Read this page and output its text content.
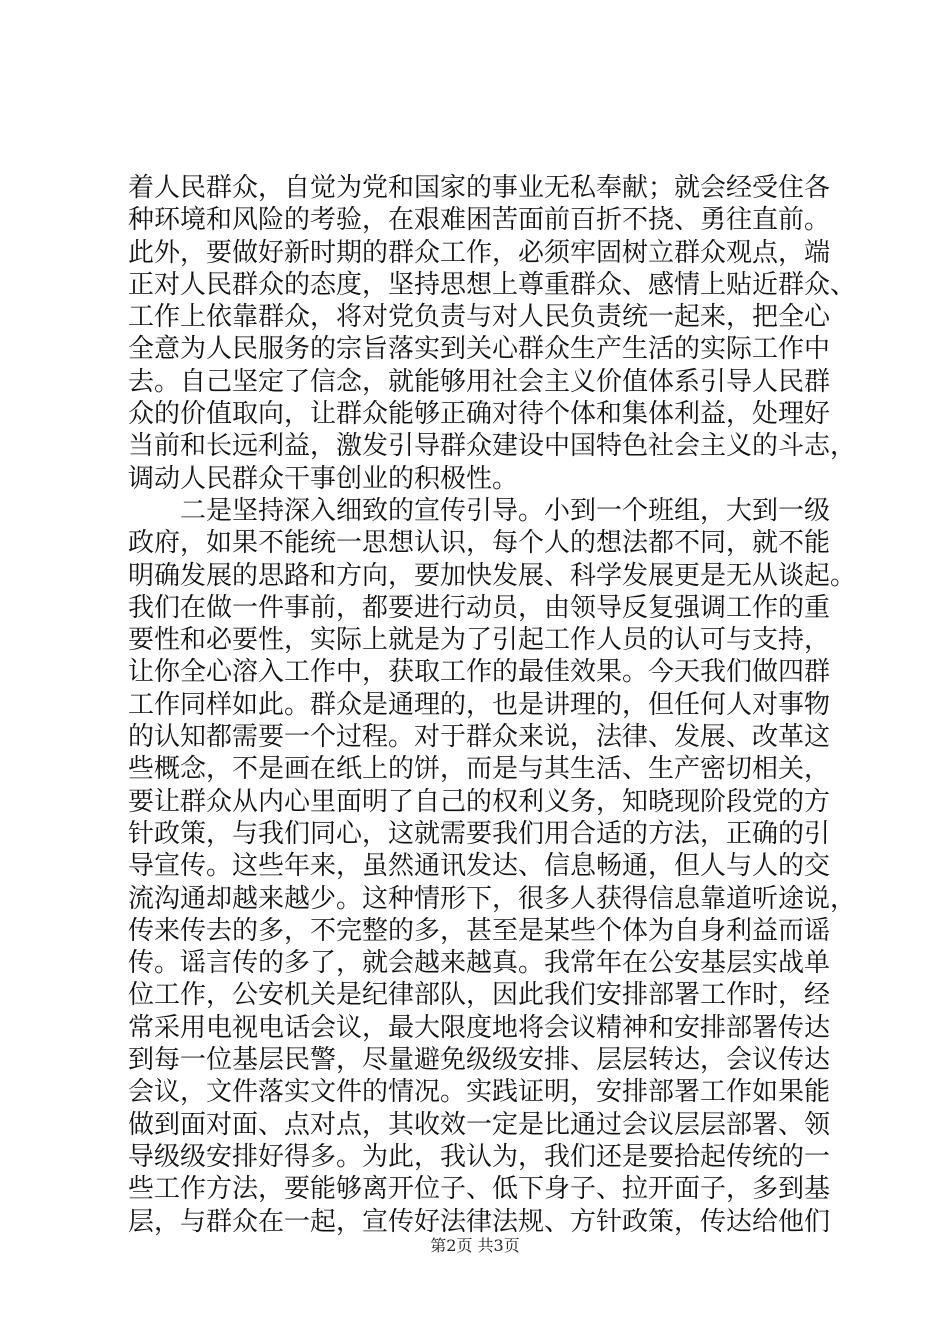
着人民群众，自觉为党和国家的事业无私奉献；就会经受住各
种环境和风险的考验，在艰难困苦面前百折不挠、勇往直前。
此外，要做好新时期的群众工作，必须牢固树立群众观点，端
正对人民群众的态度，坚持思想上尊重群众、感情上贴近群众、
工作上依靠群众，将对党负责与对人民负责统一起来，把全心
全意为人民服务的宗旨落实到关心群众生产生活的实际工作中
去。自己坚定了信念，就能够用社会主义价值体系引导人民群
众的价值取向，让群众能够正确对待个体和集体利益，处理好
当前和长远利益，激发引导群众建设中国特色社会主义的斗志，
调动人民群众干事创业的积极性。
二是坚持深入细致的宣传引导。小到一个班组，大到一级
政府，如果不能统一思想认识，每个人的想法都不同，就不能
明确发展的思路和方向，要加快发展、科学发展更是无从谈起。
我们在做一件事前，都要进行动员，由领导反复强调工作的重
要性和必要性，实际上就是为了引起工作人员的认可与支持，
让你全心溶入工作中，获取工作的最佳效果。今天我们做四群
工作同样如此。群众是通理的，也是讲理的，但任何人对事物
的认知都需要一个过程。对于群众来说，法律、发展、改革这
些概念，不是画在纸上的饼，而是与其生活、生产密切相关，
要让群众从内心里面明了自己的权利义务，知晓现阶段党的方
针政策，与我们同心，这就需要我们用合适的方法，正确的引
导宣传。这些年来，虽然通讯发达、信息畅通，但人与人的交
流沟通却越来越少。这种情形下，很多人获得信息靠道听途说，
传来传去的多，不完整的多，甚至是某些个体为自身利益而谣
传。谣言传的多了，就会越来越真。我常年在公安基层实战单
位工作，公安机关是纪律部队，因此我们安排部署工作时，经
常采用电视电话会议，最大限度地将会议精神和安排部署传达
到每一位基层民警，尽量避免级级安排、层层转达，会议传达
会议，文件落实文件的情况。实践证明，安排部署工作如果能
做到面对面、点对点，其收效一定是比通过会议层层部署、领
导级级安排好得多。为此，我认为，我们还是要拾起传统的一
些工作方法，要能够离开位子、低下身子、拉开面子，多到基
层，与群众在一起，宣传好法律法规、方针政策，传达给他们
第2页 共3页
